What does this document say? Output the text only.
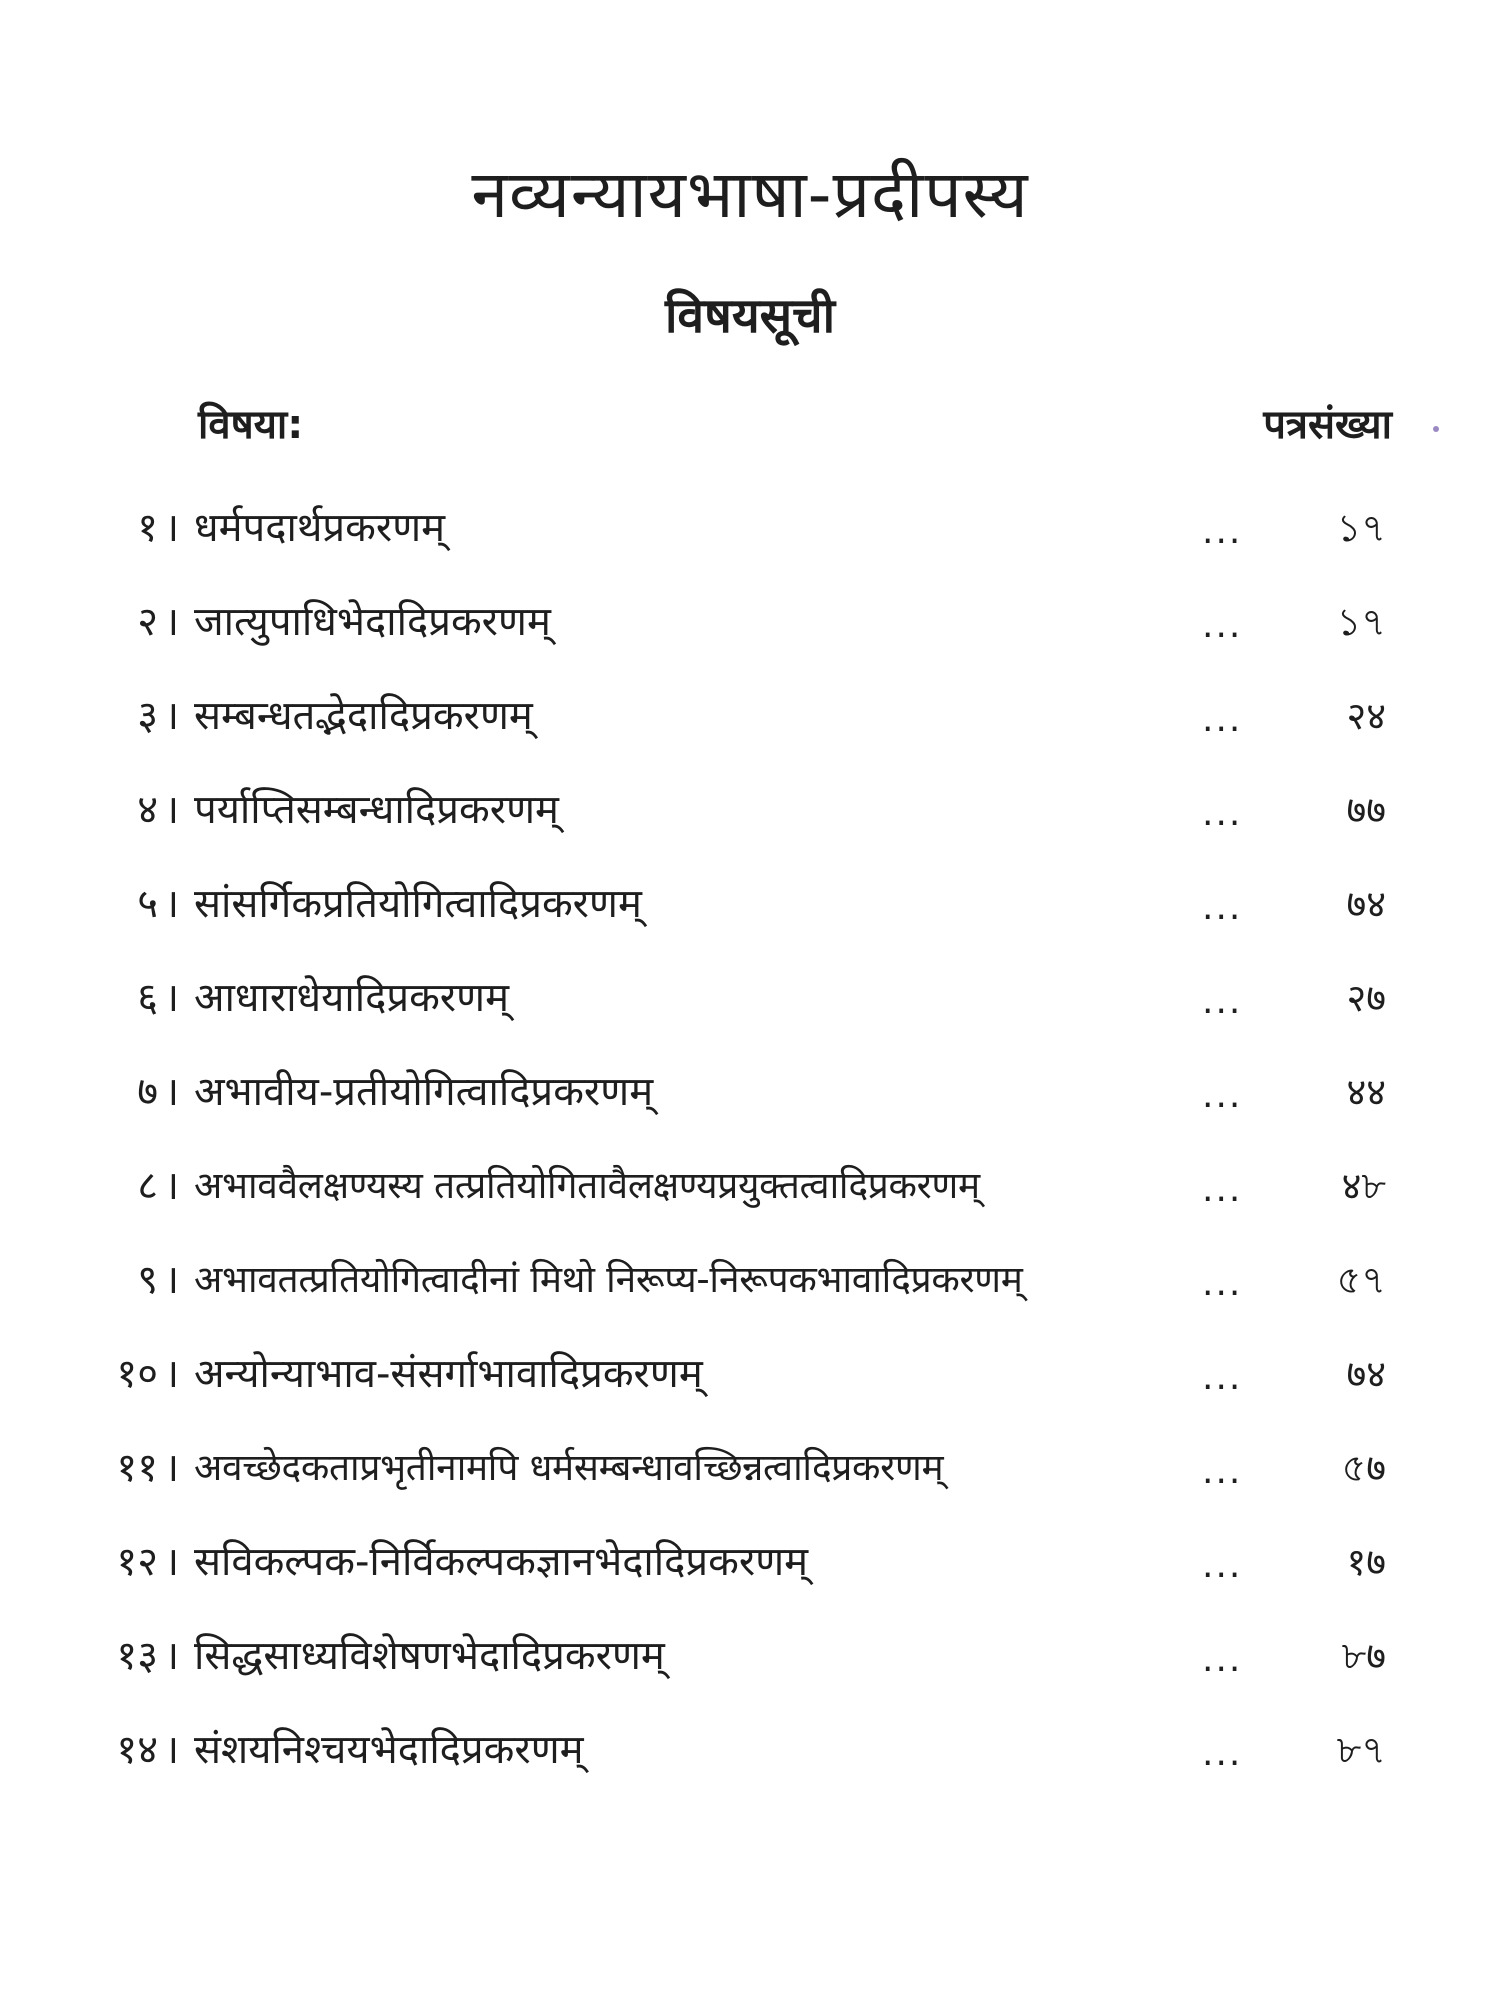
नव्यन्यायभाषा-प्रदीपस्य
विषयसूची
विषया:	पत्रसंख्या
१ । धर्मपदार्थप्रकरणम्	... ১৭
२ । जात्युपाधिभेदादिप्रकरणम्	... ১৭
३ । सम्बन्धतद्भेदादिप्रकरणम्	...	२४
४ । पर्याप्तिसम्बन्धादिप्रकरणम्	...	७७
५ । सांसर्गिकप्रतियोगित्वादिप्रकरणम्	...	७४
६ । आधाराधेयादिप्रकरणम्	...	२७
७ । अभावीय-प्रतीयोगित्वादिप्रकरणम्	...	४४
८ । अभाववैलक्षण्यस्य तत्प्रतियोगितावैलक्षण्यप्रयुक्तत्वादिप्रकरणम्	...	४৮
९ । अभावतत्प्रतियोगित्वादीनां मिथो निरूप्य-निरूपकभावादिप्रकरणम्	... ৫৭
१० । अन्योन्याभाव-संसर्गाभावादिप्रकरणम्	...	७४
११ । अवच्छेदकताप्रभृतीनामपि धर्मसम्बन्धावच्छिन्नत्वादिप्रकरणम्	...	৫७
१२ । सविकल्पक-निर्विकल्पकज्ञानभेदादिप्रकरणम्	...	१७
१३ । सिद्धसाध्यविशेषणभेदादिप्रकरणम्	...	৮७
१४ । संशयनिश्चयभेदादिप्रकरणम्	... ৮৭
